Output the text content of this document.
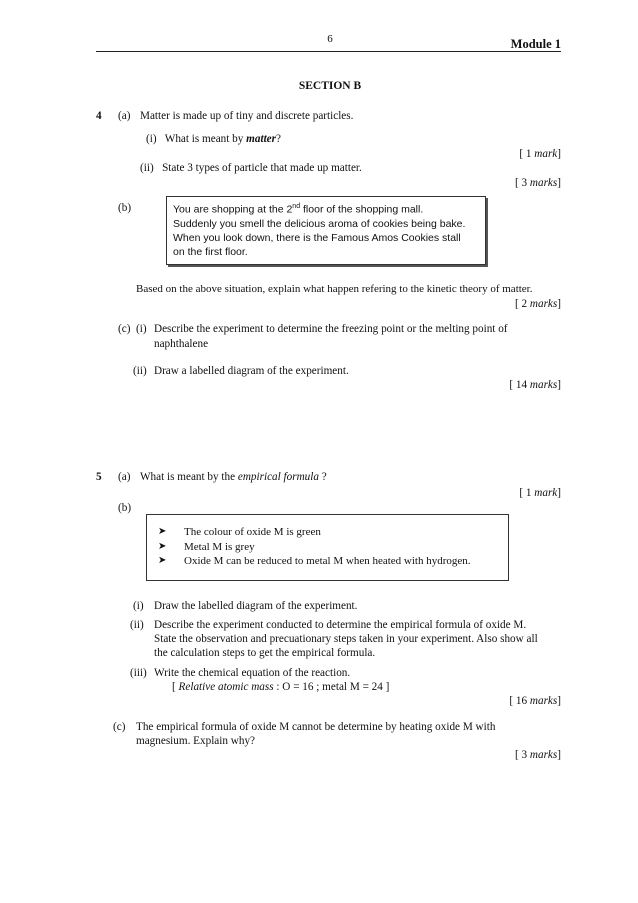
6	Module 1
SECTION B
4 (a) Matter is made up of tiny and discrete particles.
(i) What is meant by matter?
[ 1 mark]
(ii) State 3 types of particle that made up matter.
[ 3 marks]
(b)	You are shopping at the 2nd floor of the shopping mall.
Suddenly you smell the delicious aroma of cookies being bake.
When you look down, there is the Famous Amos Cookies stall
on the first floor.
Based on the above situation, explain what happen refering to the kinetic theory of matter.
[ 2 marks]
(c) (i) Describe the experiment to determine the freezing point or the melting point of
naphthalene
(ii) Draw a labelled diagram of the experiment.
[ 14 marks]
5 (a) What is meant by the empirical formula ?
[ 1 mark]
(b)
➤ The colour of oxide M is green
➤ Metal M is grey
➤ Oxide M can be reduced to metal M when heated with hydrogen.
(i) Draw the labelled diagram of the experiment.
(ii) Describe the experiment conducted to determine the empirical formula of oxide M.
State the observation and precuationary steps taken in your experiment. Also show all
the calculation steps to get the empirical formula.
(iii) Write the chemical equation of the reaction.
[ Relative atomic mass : O = 16 ; metal M = 24 ]
[ 16 marks]
(c) The empirical formula of oxide M cannot be determine by heating oxide M with
magnesium. Explain why?
[ 3 marks]
